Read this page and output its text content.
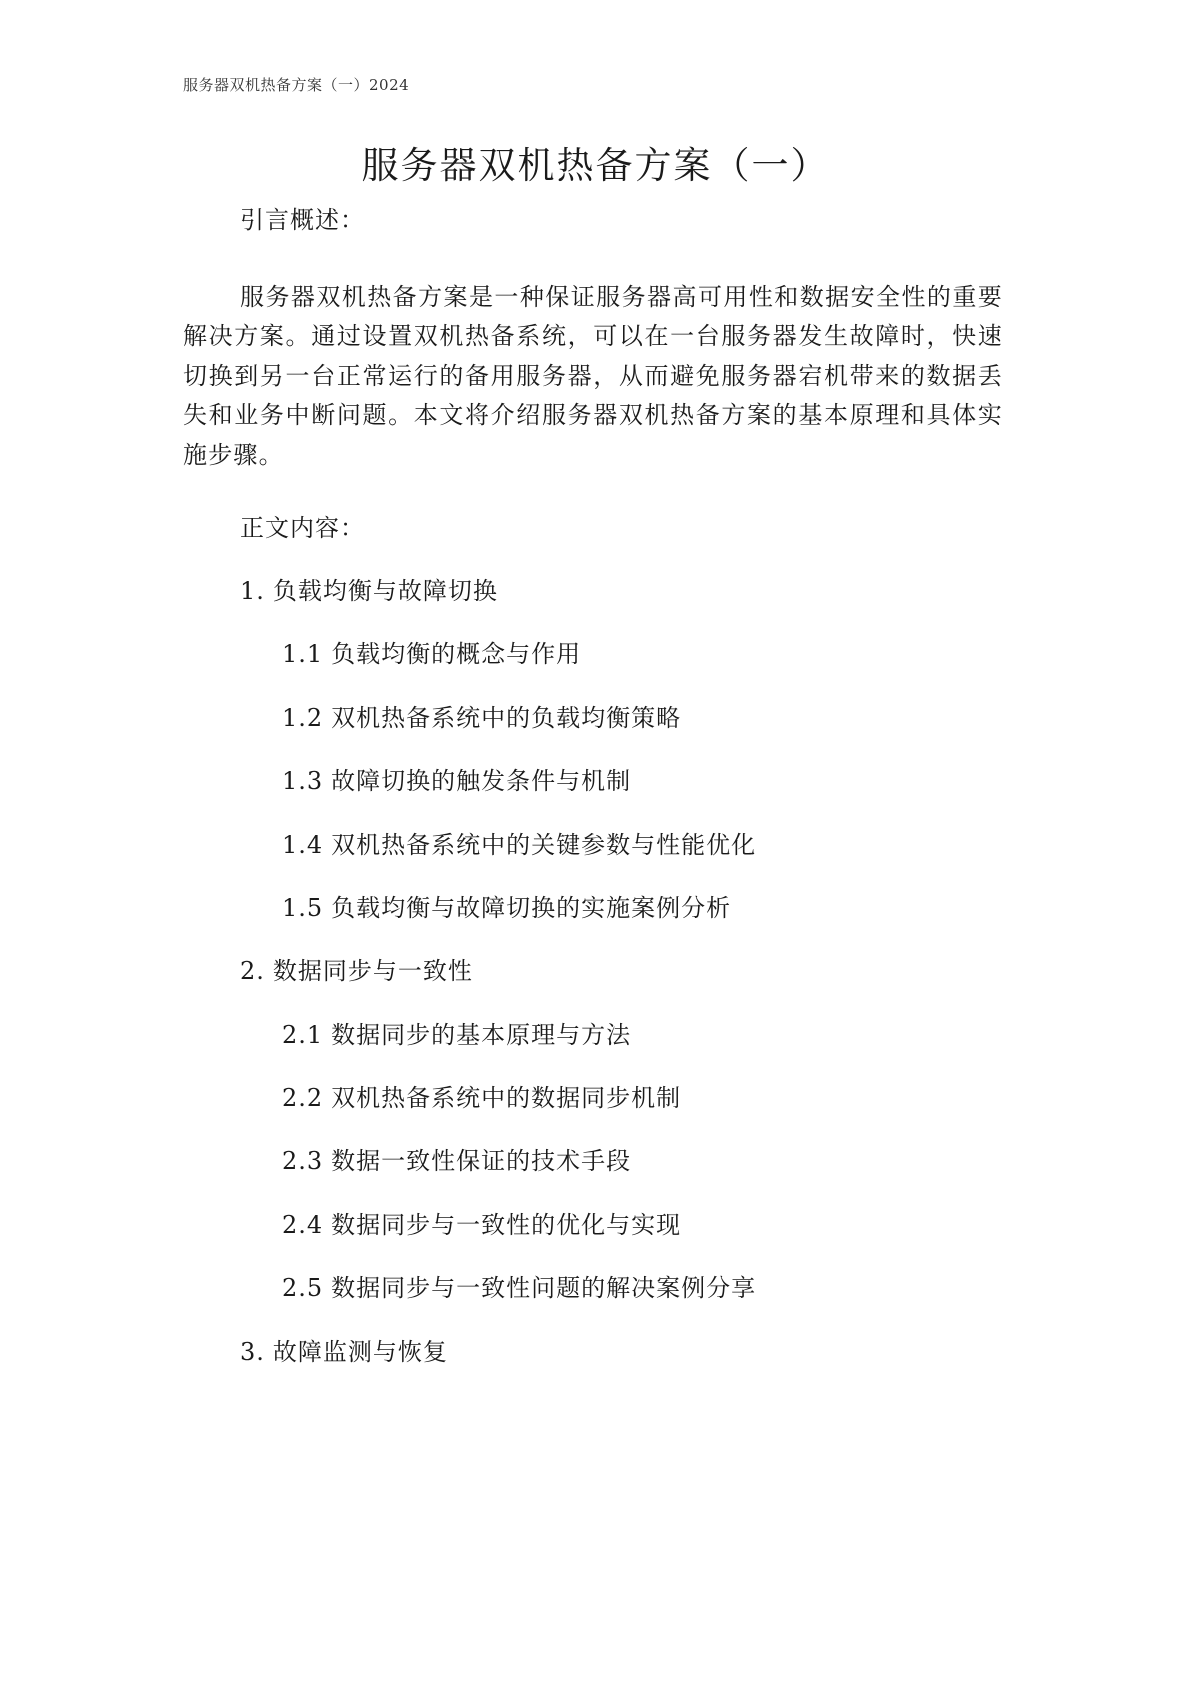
服务器双机热备方案（一）2024
服务器双机热备方案（一）
引言概述：

服务器双机热备方案是一种保证服务器高可用性和数据安全性的重要解决方案。通过设置双机热备系统，可以在一台服务器发生故障时，快速切换到另一台正常运行的备用服务器，从而避免服务器宕机带来的数据丢失和业务中断问题。本文将介绍服务器双机热备方案的基本原理和具体实施步骤。

正文内容：
1. 负载均衡与故障切换
1.1 负载均衡的概念与作用
1.2 双机热备系统中的负载均衡策略
1.3 故障切换的触发条件与机制
1.4 双机热备系统中的关键参数与性能优化
1.5 负载均衡与故障切换的实施案例分析
2. 数据同步与一致性
2.1 数据同步的基本原理与方法
2.2 双机热备系统中的数据同步机制
2.3 数据一致性保证的技术手段
2.4 数据同步与一致性的优化与实现
2.5 数据同步与一致性问题的解决案例分享
3. 故障监测与恢复
